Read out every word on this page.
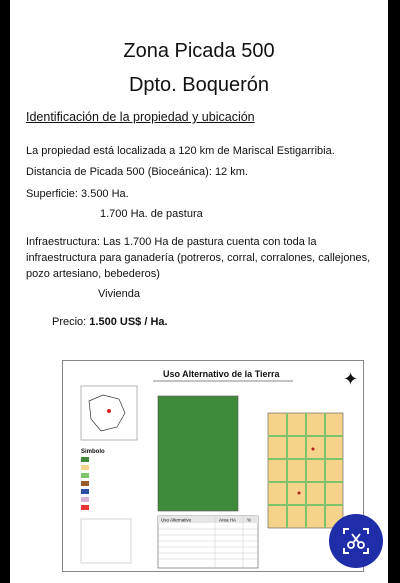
Zona Picada 500
Dpto. Boquerón
Identificación de la propiedad y ubicación
La propiedad está localizada a 120 km de Mariscal Estigarribia.
Distancia de Picada 500 (Bioceánica): 12 km.
Superficie: 3.500 Ha.
1.700 Ha. de pastura
Infraestructura: Las 1.700 Ha de pastura cuenta con toda la
infraestructura para ganadería (potreros, corral, corralones, callejones,
pozo artesiano, bebederos)
Vivienda
Precio: 1.500 US$ / Ha.
Uso Alternativo de la Tierra	✦
Simbolo
Uso Alternativo	Area HA %
